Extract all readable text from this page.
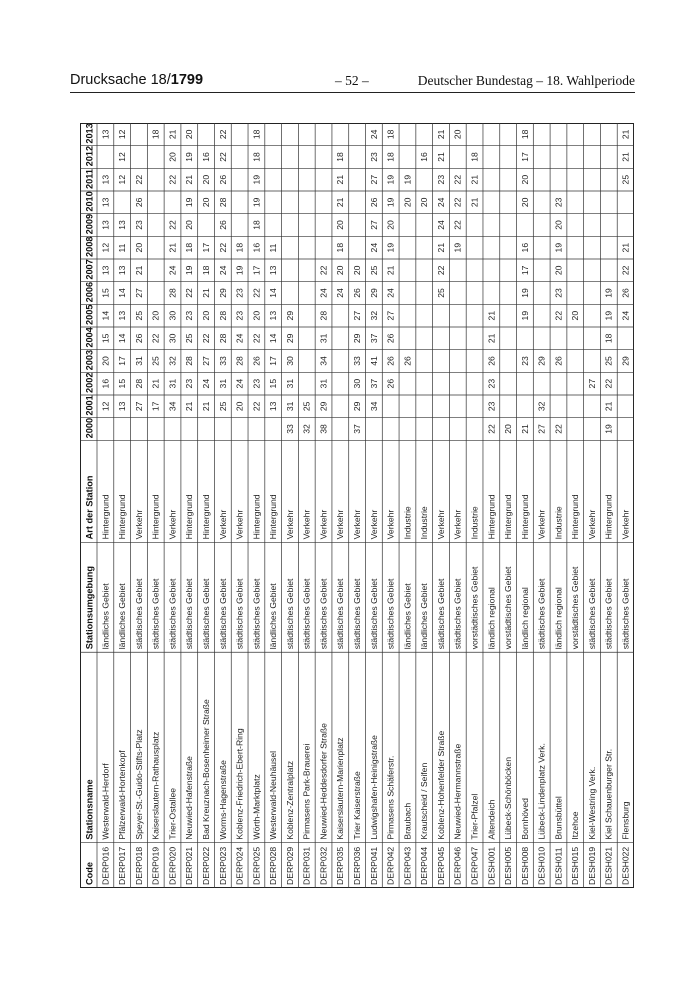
Drucksache 18/1799	– 52 –	Deutscher Bundestag – 18. Wahlperiode
Code
Stationsname
Stationsumgebung
Art der Station
2000
2001
2002
2003
2004
2005
2006
2007
2008
2009
2010
2011
2012
2013
DERP016
Westerwald-Herdorf
ländliches Gebiet
Hintergrund
12
16
20
15
14
15
13
12
13
13
13
13
DERP017
Pfälzerwald-Hortenkopf
ländliches Gebiet
Hintergrund
13
15
17
14
13
14
13
11
13
12
12
12
DERP018
Speyer-St.-Guido-Stifts-Platz
städtisches Gebiet
Verkehr
27
28
31
26
25
27
21
20
23
26
22
DERP019
Kaiserslautern-Rathausplatz
städtisches Gebiet
Hintergrund
17
21
25
22
20
18
DERP020
Trier-Ostallee
städtisches Gebiet
Verkehr
34
31
32
30
30
28
24
21
22
22
20
21
DERP021
Neuwied-Hafenstraße
städtisches Gebiet
Hintergrund
21
23
28
25
23
22
19
18
20
19
21
19
20
DERP022
Bad Kreuznach-Bosenheimer Straße
städtisches Gebiet
Hintergrund
21
24
27
22
20
21
18
17
20
20
16
DERP023
Worms-Hagenstraße
städtisches Gebiet
Verkehr
25
31
33
28
28
29
24
22
26
28
26
22
22
DERP024
Koblenz-Friedrich-Ebert-Ring
städtisches Gebiet
Verkehr
20
24
28
24
23
23
19
18
DERP025
Wörth-Marktplatz
städtisches Gebiet
Hintergrund
22
23
26
22
20
22
17
16
18
19
19
18
18
DERP028
Westerwald-Neuhäusel
ländliches Gebiet
Hintergrund
13
15
17
14
13
14
13
11
DERP029
Koblenz-Zentralplatz
städtisches Gebiet
Verkehr
33
31
31
30
29
29
DERP031
Pirmasens Park-Brauerei
städtisches Gebiet
Verkehr
32
25
DERP032
Neuwied-Heddesdorfer Straße
städtisches Gebiet
Verkehr
38
29
31
34
31
28
24
22
DERP035
Kaiserslautern-Marienplatz
städtisches Gebiet
Verkehr
24
20
18
20
21
21
18
DERP036
Trier Kaiserstraße
städtisches Gebiet
Verkehr
37
29
30
33
29
27
26
20
DERP041
Ludwigshafen-Heinigstraße
städtisches Gebiet
Verkehr
34
37
41
37
32
29
25
24
27
26
27
23
24
DERP042
Pirmasens Schäferstr.
städtisches Gebiet
Verkehr
26
26
26
27
24
21
19
20
19
19
18
18
DERP043
Braubach
ländliches Gebiet
Industrie
26
20
19
DERP044
Krautscheid / Seifen
ländliches Gebiet
Industrie
20
16
DERP045
Koblenz-Hohenfelder Straße
städtisches Gebiet
Verkehr
25
22
21
24
24
23
21
21
DERP046
Neuwied-Hermannstraße
städtisches Gebiet
Verkehr
19
22
22
22
20
DERP047
Trier-Pfalzel
vorstädtisches Gebiet
Industrie
21
21
18
DESH001
Altendeich
ländlich regional
Hintergrund
22
23
23
26
21
21
DESH005
Lübeck-Schönböcken
vorstädtisches Gebiet
Hintergrund
20
DESH008
Bornhöved
ländlich regional
Hintergrund
21
23
19
19
17
16
20
20
17
18
DESH010
Lübeck-Lindenplatz Verk.
städtisches Gebiet
Verkehr
27
32
29
DESH011
Brunsbüttel
ländlich regional
Industrie
22
26
22
23
20
19
20
23
DESH015
Itzehoe
vorstädtisches Gebiet
Hintergrund
20
DESH019
Kiel-Westring Verk.
städtisches Gebiet
Verkehr
27
DESH021
Kiel Schauenburger Str.
städtisches Gebiet
Hintergrund
19
21
22
25
18
19
19
DESH022
Flensburg
städtisches Gebiet
Verkehr
29
24
26
22
21
25
21
21
